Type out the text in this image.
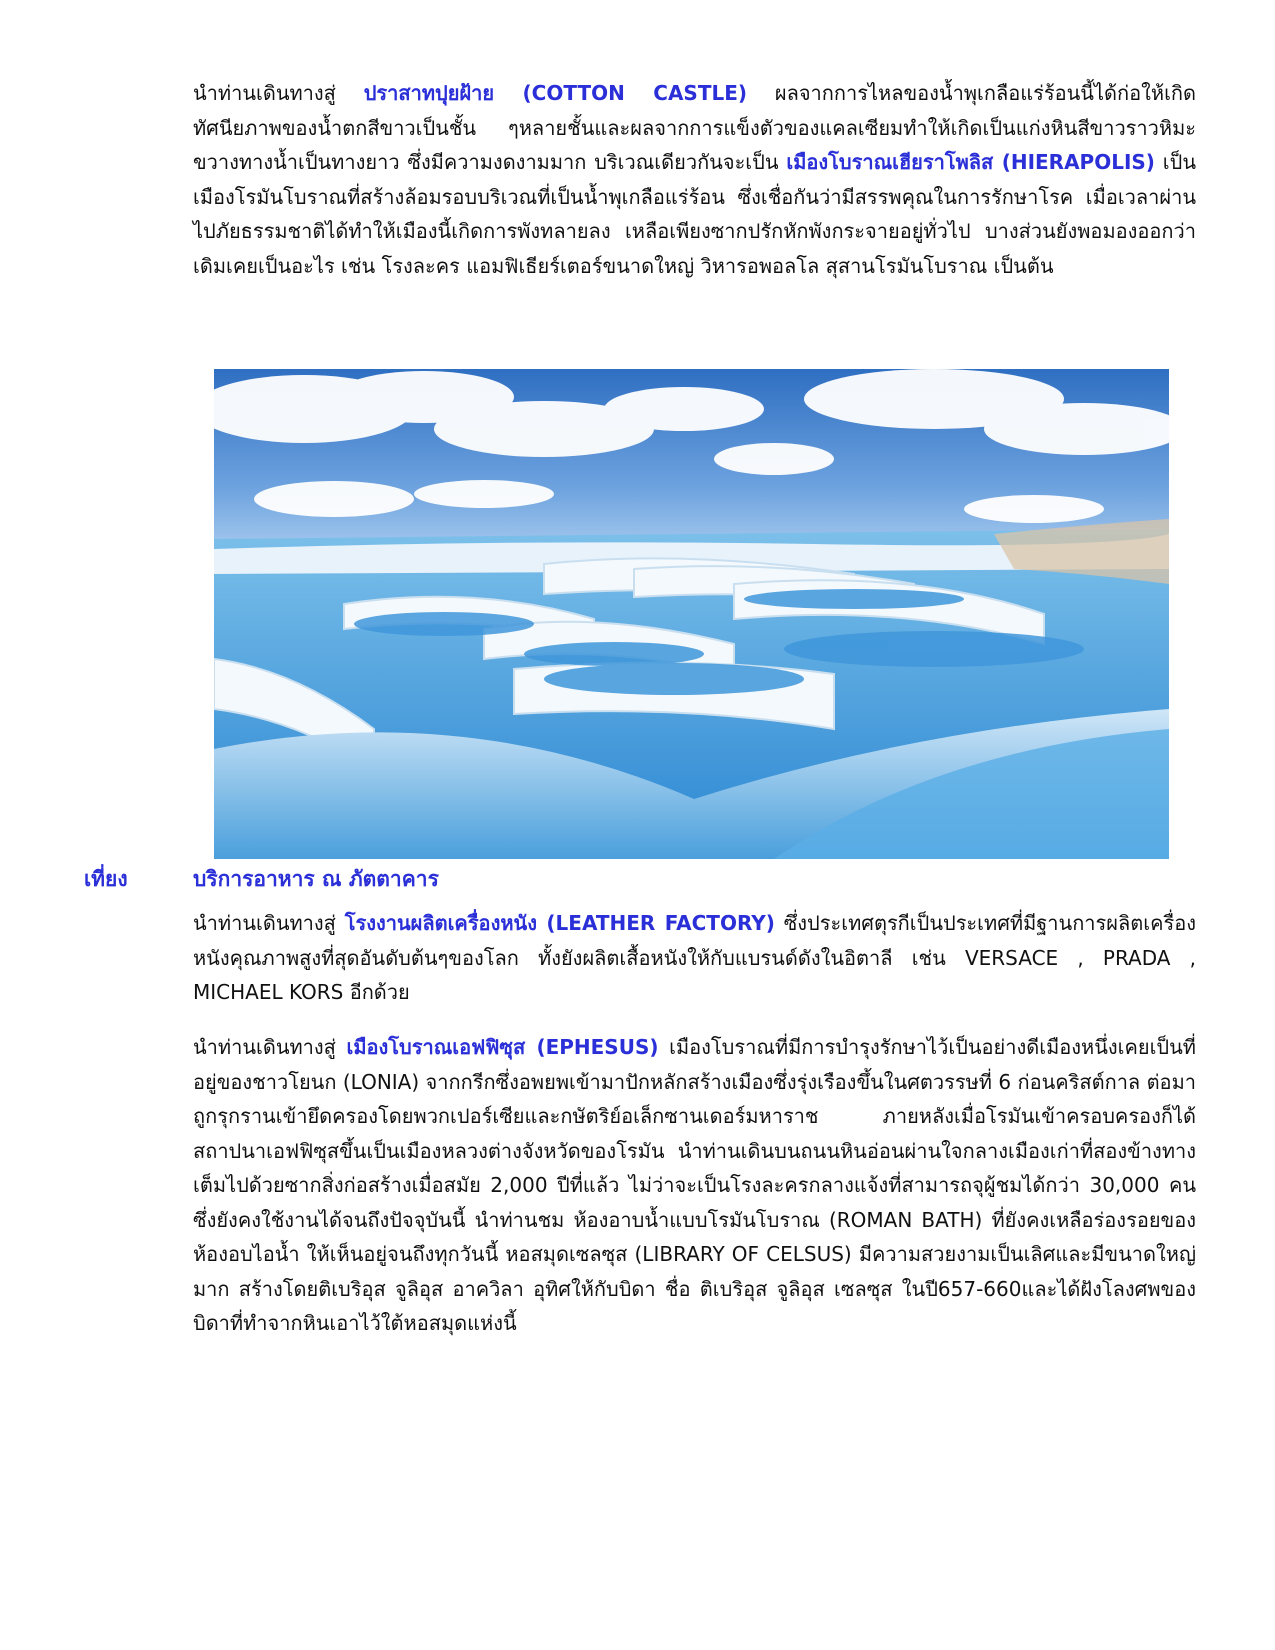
นำท่านเดินทางสู่ ปราสาทปุยฝ้าย (COTTON CASTLE) ผลจากการไหลของน้ำพุเกลือแร่ร้อนนี้ได้ก่อให้เกิดทัศนียภาพของน้ำตกสีขาวเป็นชั้น ๆหลายชั้นและผลจากการแข็งตัวของแคลเซียมทำให้เกิดเป็นแก่งหินสีขาวราวหิมะขวางทางน้ำเป็นทางยาว ซึ่งมีความงดงามมาก บริเวณเดียวกันจะเป็น เมืองโบราณเฮียราโพลิส (HIERAPOLIS) เป็นเมืองโรมันโบราณที่สร้างล้อมรอบบริเวณที่เป็นน้ำพุเกลือแร่ร้อน ซึ่งเชื่อกันว่ามีสรรพคุณในการรักษาโรค เมื่อเวลาผ่านไปภัยธรรมชาติได้ทำให้เมืองนี้เกิดการพังทลายลง เหลือเพียงซากปรักหักพังกระจายอยู่ทั่วไป บางส่วนยังพอมองออกว่าเดิมเคยเป็นอะไร เช่น โรงละคร แอมฟิเธียร์เตอร์ขนาดใหญ่ วิหารอพอลโล สุสานโรมันโบราณ เป็นต้น

เที่ยง	บริการอาหาร ณ ภัตตาคาร

นำท่านเดินทางสู่ โรงงานผลิตเครื่องหนัง (LEATHER FACTORY) ซึ่งประเทศตุรกีเป็นประเทศที่มีฐานการผลิตเครื่องหนังคุณภาพสูงที่สุดอันดับต้นๆของโลก ทั้งยังผลิตเสื้อหนังให้กับแบรนด์ดังในอิตาลี เช่น VERSACE , PRADA , MICHAEL KORS อีกด้วย

นำท่านเดินทางสู่ เมืองโบราณเอฟฟิซุส (EPHESUS) เมืองโบราณที่มีการบำรุงรักษาไว้เป็นอย่างดีเมืองหนึ่งเคยเป็นที่อยู่ของชาวโยนก (LONIA) จากกรีกซึ่งอพยพเข้ามาปักหลักสร้างเมืองซึ่งรุ่งเรืองขึ้นในศตวรรษที่ 6 ก่อนคริสต์กาล ต่อมาถูกรุกรานเข้ายึดครองโดยพวกเปอร์เซียและกษัตริย์อเล็กซานเดอร์มหาราช ภายหลังเมื่อโรมันเข้าครอบครองก็ได้สถาปนาเอฟฟิซุสขึ้นเป็นเมืองหลวงต่างจังหวัดของโรมัน นำท่านเดินบนถนนหินอ่อนผ่านใจกลางเมืองเก่าที่สองข้างทางเต็มไปด้วยซากสิ่งก่อสร้างเมื่อสมัย 2,000 ปีที่แล้ว ไม่ว่าจะเป็นโรงละครกลางแจ้งที่สามารถจุผู้ชมได้กว่า 30,000 คน ซึ่งยังคงใช้งานได้จนถึงปัจจุบันนี้ นำท่านชม ห้องอาบน้ำแบบโรมันโบราณ (ROMAN BATH) ที่ยังคงเหลือร่องรอยของห้องอบไอน้ำ ให้เห็นอยู่จนถึงทุกวันนี้ หอสมุดเซลซุส (LIBRARY OF CELSUS) มีความสวยงามเป็นเลิศและมีขนาดใหญ่มาก สร้างโดยติเบริอุส จูลิอุส อาควิลา อุทิศให้กับบิดา ชื่อ ติเบริอุส จูลิอุส เซลซุส ในปี657-660และได้ฝังโลงศพของบิดาที่ทำจากหินเอาไว้ใต้หอสมุดแห่งนี้
